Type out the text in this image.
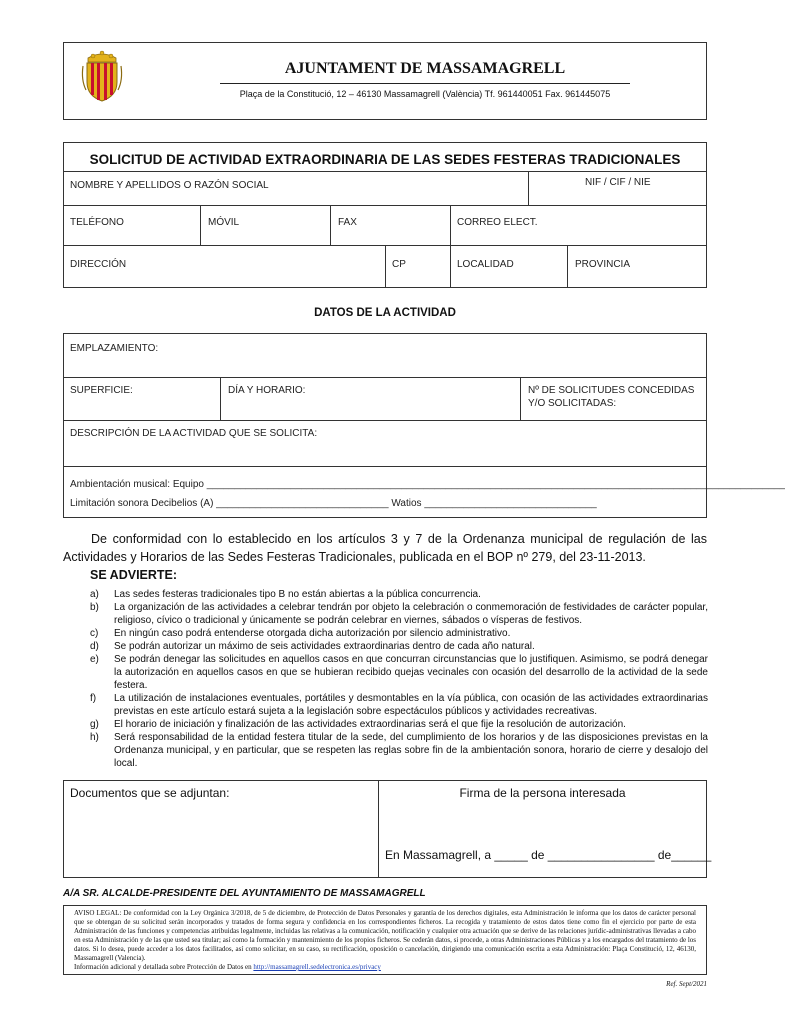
AJUNTAMENT DE MASSAMAGRELL
Plaça de la Constitució, 12 – 46130 Massamagrell (València) Tf. 961440051 Fax. 961445075
SOLICITUD DE ACTIVIDAD EXTRAORDINARIA DE LAS SEDES FESTERAS TRADICIONALES
NOMBRE Y APELLIDOS O RAZÓN SOCIAL	NIF / CIF / NIE
TELÉFONO	MÓVIL	FAX	CORREO ELECT.
DIRECCIÓN	CP	LOCALIDAD	PROVINCIA
DATOS DE LA ACTIVIDAD
EMPLAZAMIENTO:
SUPERFICIE:	DÍA Y HORARIO:	Nº DE SOLICITUDES CONCEDIDAS
Y/O SOLICITADAS:
DESCRIPCIÓN DE LA ACTIVIDAD QUE SE SOLICITA:
Ambientación musical: Equipo ________________________________________________________________________________________________________
Limitación sonora Decibelios (A) _______________________________ Watios _______________________________
De conformidad con lo establecido en los artículos 3 y 7 de la Ordenanza municipal de regulación de las Actividades y Horarios de las Sedes Festeras Tradicionales, publicada en el BOP nº 279, del 23-11-2013.
SE ADVIERTE:
a)	Las sedes festeras tradicionales tipo B no están abiertas a la pública concurrencia.
b)	La organización de las actividades a celebrar tendrán por objeto la celebración o conmemoración de festividades de carácter popular, religioso, cívico o tradicional y únicamente se podrán celebrar en viernes, sábados o vísperas de festivos.
c)	En ningún caso podrá entenderse otorgada dicha autorización por silencio administrativo.
d)	Se podrán autorizar un máximo de seis actividades extraordinarias dentro de cada año natural.
e)	Se podrán denegar las solicitudes en aquellos casos en que concurran circunstancias que lo justifiquen. Asimismo, se podrá denegar la autorización en aquellos casos en que se hubieran recibido quejas vecinales con ocasión del desarrollo de la actividad de la sede festera.
f)	La utilización de instalaciones eventuales, portátiles y desmontables en la vía pública, con ocasión de las actividades extraordinarias previstas en este artículo estará sujeta a la legislación sobre espectáculos públicos y actividades recreativas.
g)	El horario de iniciación y finalización de las actividades extraordinarias será el que fije la resolución de autorización.
h)	Será responsabilidad de la entidad festera titular de la sede, del cumplimiento de los horarios y de las disposiciones previstas en la Ordenanza municipal, y en particular, que se respeten las reglas sobre fin de la ambientación sonora, horario de cierre y desalojo del local.
Documentos que se adjuntan:	Firma de la persona interesada
En Massamagrell, a _____ de ________________ de______
A/A SR. ALCALDE-PRESIDENTE DEL AYUNTAMIENTO DE MASSAMAGRELL
AVISO LEGAL: De conformidad con la Ley Orgánica 3/2018, de 5 de diciembre, de Protección de Datos Personales y garantía de los derechos digitales, esta Administración le informa que los datos de carácter personal que se obtengan de su solicitud serán incorporados y tratados de forma segura y confidencia en los correspondientes ficheros. La recogida y tratamiento de estos datos tiene como fin el ejercicio por parte de esta Administración de las funciones y competencias atribuidas legalmente, incluidas las relativas a la comunicación, notificación y cualquier otra actuación que se derive de las relaciones jurídic-administrativas llevadas a cabo en esta Administración y de las que usted sea titular; así como la formación y mantenimiento de los propios ficheros. Se cederán datos, si procede, a otras Administraciones Públicas y a los encargados del tratamiento de los datos. Si lo desea, puede acceder a los datos facilitados, así como solicitar, en su caso, su rectificación, oposición o cancelación, dirigiendo una comunicación escrita a esta Administración: Plaça Constitució, 12, 46130, Massamagrell (Valencia).
Información adicional y detallada sobre Protección de Datos en http://massamagrell.sedelectronica.es/privacy
Ref. Sept/2021
